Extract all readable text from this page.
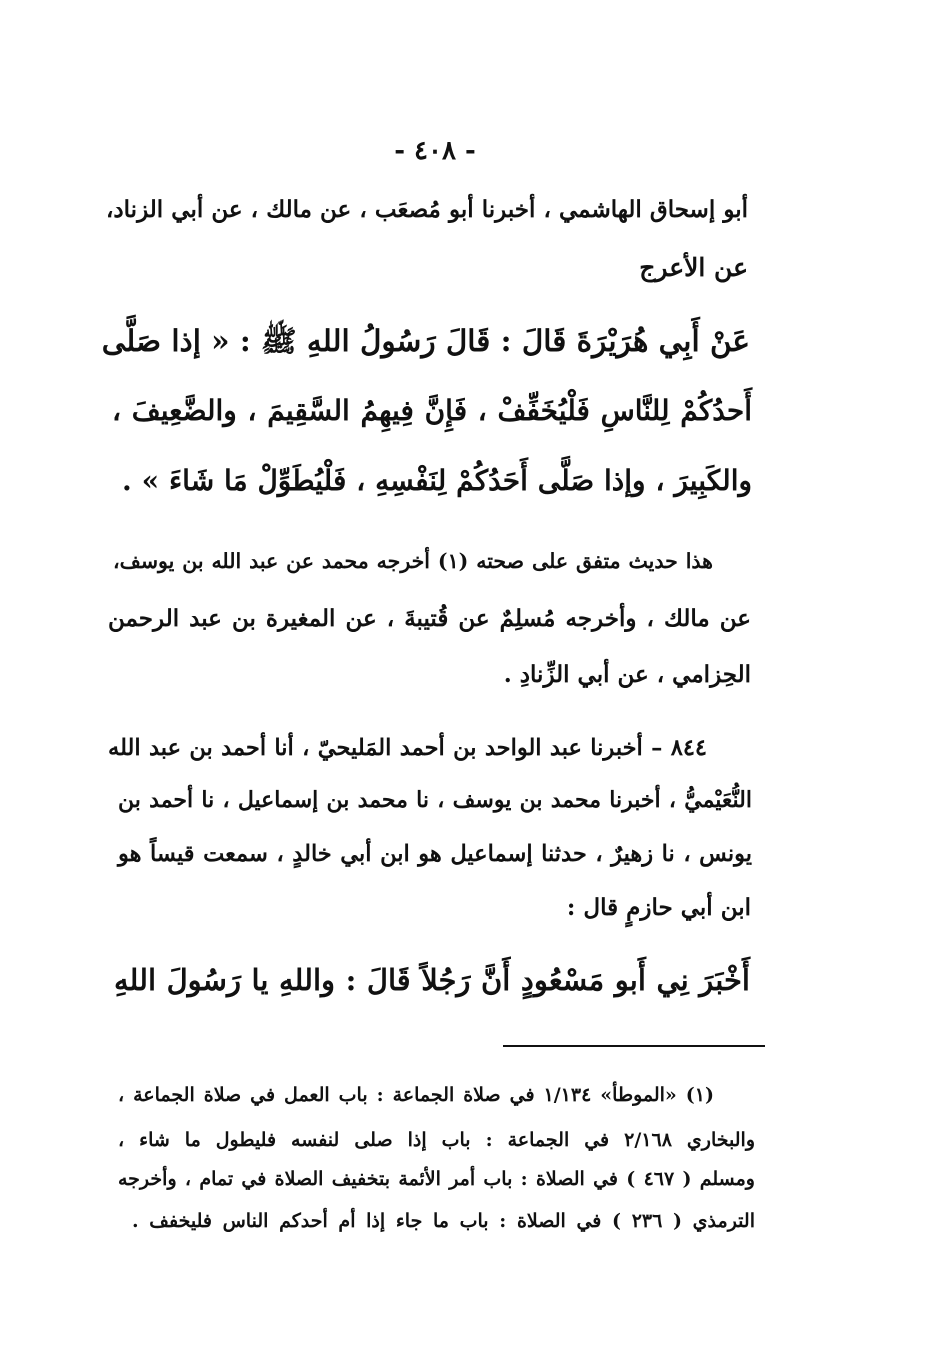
- ٤٠٨ -
أبو إسحاق الهاشمي ، أخبرنا أبو مُصعَب ، عن مالك ، عن أبي الزناد،
عن الأعرج
عَنْ أَبِي هُرَيْرَةَ قَالَ : قَالَ رَسُولُ اللهِ ﷺ : « إذا صَلَّى
أَحدُكُمْ لِلنَّاسِ فَلْيُخَفِّفْ ، فَإِنَّ فِيهِمُ السَّقِيمَ ، والضَّعِيفَ ،
والكَبِيرَ ، وإذا صَلَّى أَحَدُكُمْ لِنَفْسِهِ ، فَلْيُطَوِّلْ مَا شَاءَ » .
هذا حديث متفق على صحته (١) أخرجه محمد عن عبد الله بن يوسف،
عن مالك ، وأخرجه مُسلِمٌ عن قُتيبةَ ، عن المغيرة بن عبد الرحمن
الحِزامي ، عن أبي الزِّنادِ .
٨٤٤ – أخبرنا عبد الواحد بن أحمد المَليحيّ ، أنا أحمد بن عبد الله
النُّعَيْميُّ ، أخبرنا محمد بن يوسف ، نا محمد بن إسماعيل ، نا أحمد بن
يونس ، نا زهيرٌ ، حدثنا إسماعيل هو ابن أبي خالدٍ ، سمعت قيساً هو
ابن أبي حازمٍ قال :
أَخْبَرَ نِي أَبو مَسْعُودٍ أَنَّ رَجُلاً قَالَ : واللهِ يا رَسُولَ اللهِ
(١) «الموطأ» ١/١٣٤ في صلاة الجماعة : باب العمل في صلاة الجماعة ،
والبخاري ٢/١٦٨ في الجماعة : باب إذا صلى لنفسه فليطول ما شاء ،
ومسلم ( ٤٦٧ ) في الصلاة : باب أمر الأئمة بتخفيف الصلاة في تمام ، وأخرجه
الترمذي ( ٢٣٦ ) في الصلاة : باب ما جاء إذا أم أحدكم الناس فليخفف .
